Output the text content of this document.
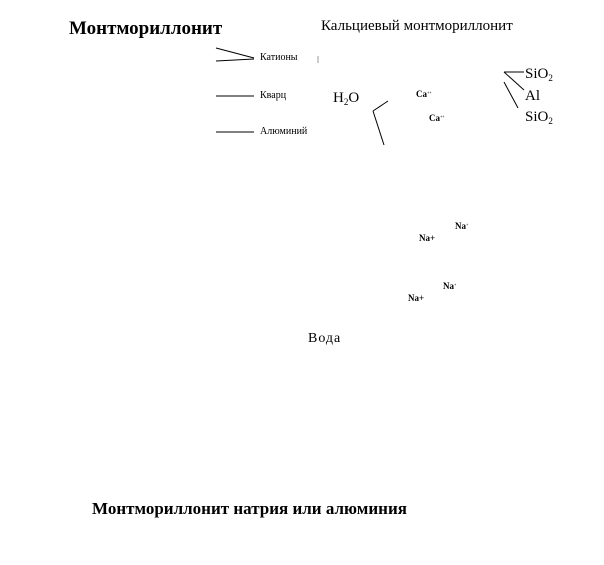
Монтмориллонит	Кальциевый монтмориллонит
Катионы
Кварц
Алюминий
$H_2O$	Ca++
Ca++
SiO$_2$
Al
SiO$_2$
Na+
Na+
Na+
Na+
Вода
Монтмориллонит натрия или алюминия
